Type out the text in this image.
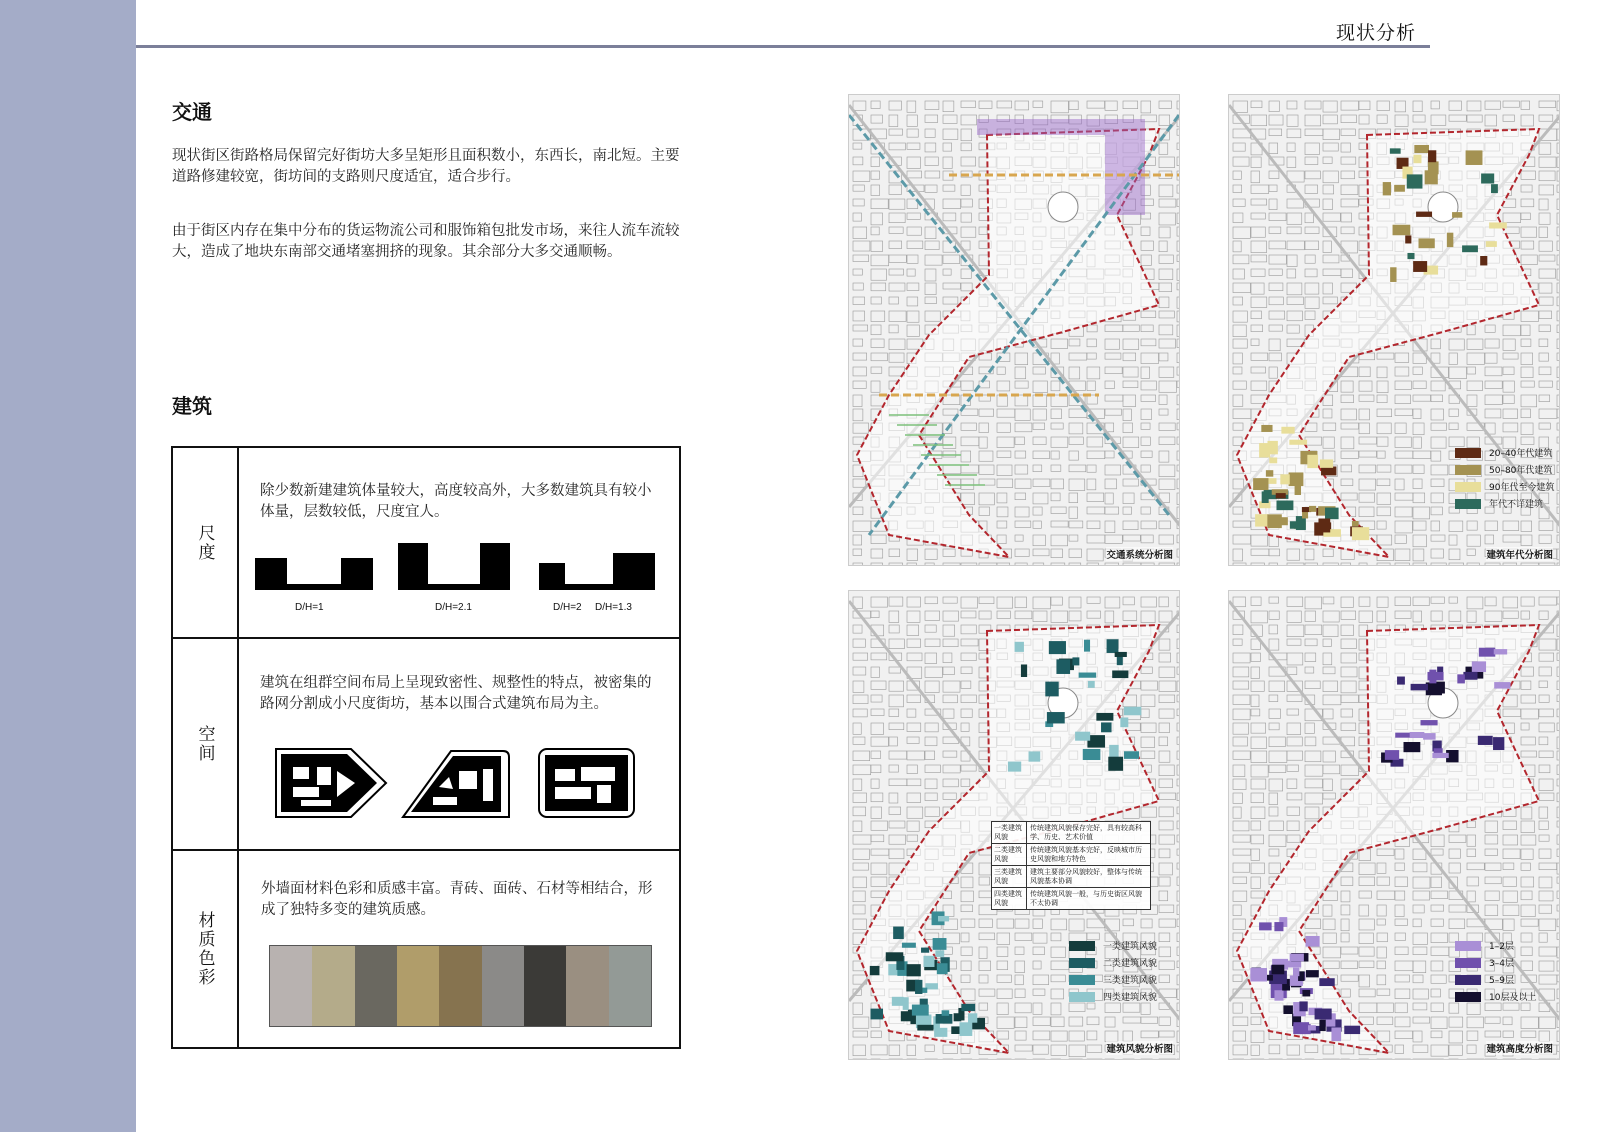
现状分析
交通
现状街区街路格局保留完好街坊大多呈矩形且面积数小，东西长，南北短。主要道路修建较宽，街坊间的支路则尺度适宜，适合步行。
由于街区内存在集中分布的货运物流公司和服饰箱包批发市场，来往人流车流较大，造成了地块东南部交通堵塞拥挤的现象。其余部分大多交通顺畅。
建筑
尺度
除少数新建建筑体量较大，高度较高外，大多数建筑具有较小体量，层数较低，尺度宜人。
D/H=1	D/H=2.1	D/H=2 D/H=1.3
空间
建筑在组群空间布局上呈现致密性、规整性的特点，被密集的路网分割成小尺度街坊，基本以围合式建筑布局为主。
材质色彩
外墙面材料色彩和质感丰富。青砖、面砖、石材等相结合，形成了独特多变的建筑质感。
交通系统分析图
20–40年代建筑
50–80年代建筑
90年代至今建筑
年代不详建筑
建筑年代分析图
一类建筑风貌
传统建筑风貌保存完好，具有较高科学、历史、艺术价值
二类建筑风貌
传统建筑风貌基本完好，反映城市历史风貌和地方特色
三类建筑风貌
建筑主要部分风貌较好，整体与传统风貌基本协调
四类建筑风貌
传统建筑风貌一般，与历史街区风貌不太协调
一类建筑风貌
二类建筑风貌
三类建筑风貌
四类建筑风貌
建筑风貌分析图
1–2层
3–4层
5–9层
10层及以上
建筑高度分析图
